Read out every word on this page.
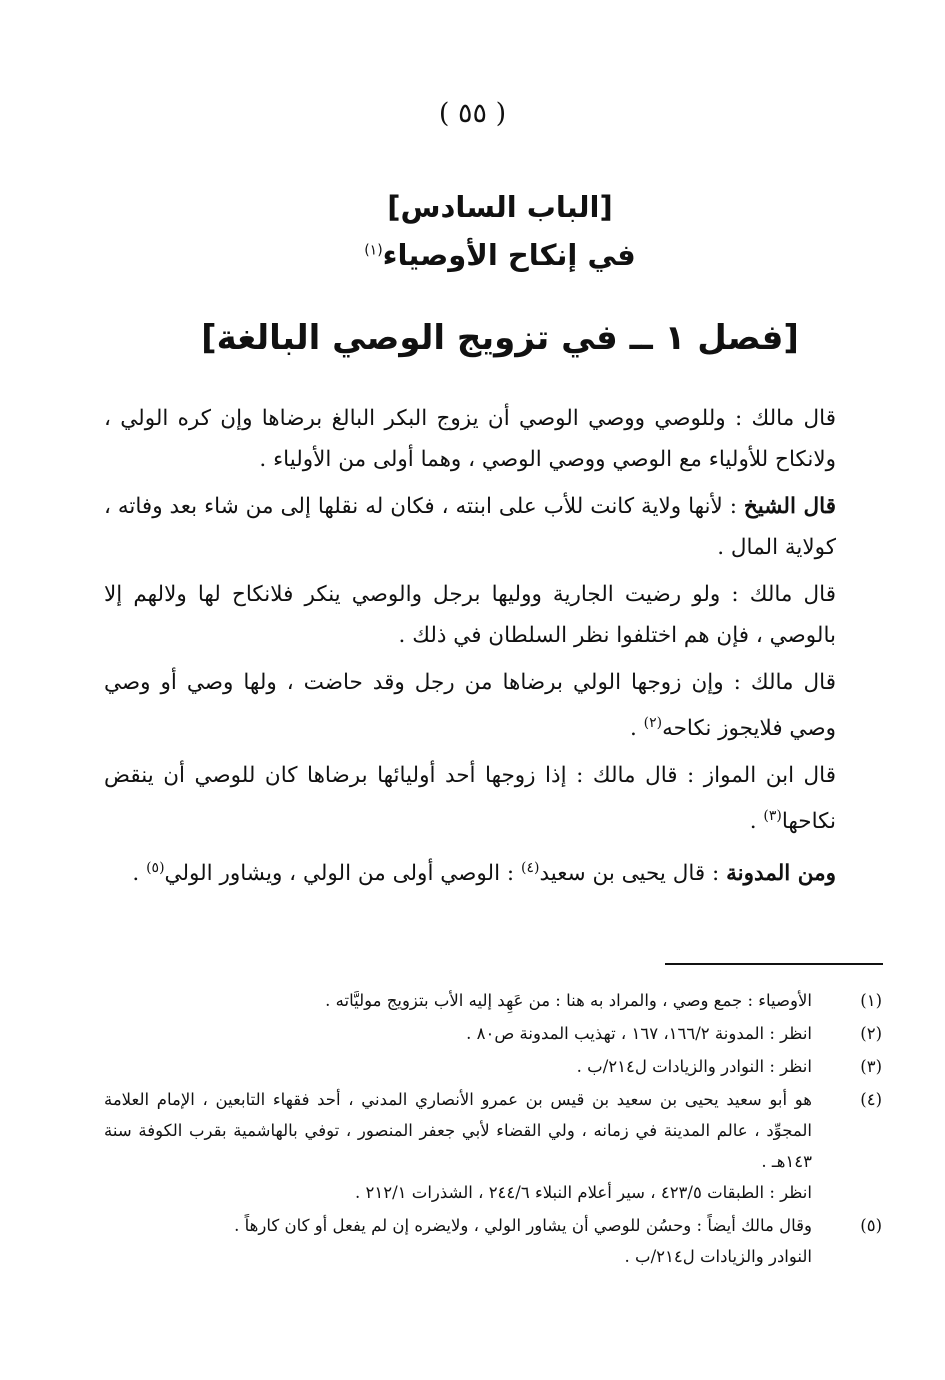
( ٥٥ )
[الباب السادس]
في إنكاح الأوصياء$^{(١)}$
[فصل ١ ــ في تزويج الوصي البالغة]

قال مالك : وللوصي ووصي الوصي أن يزوج البكر البالغ برضاها وإن كره الولي ، ولانكاح للأولياء مع الوصي ووصي الوصي ، وهما أولى من الأولياء .

قال الشيخ : لأنها ولاية كانت للأب على ابنته ، فكان له نقلها إلى من شاء بعد وفاته ، كولاية المال .

قال مالك : ولو رضيت الجارية ووليها برجل والوصي ينكر فلانكاح لها ولالهم إلا بالوصي ، فإن هم اختلفوا نظر السلطان في ذلك .

قال مالك : وإن زوجها الولي برضاها من رجل وقد حاضت ، ولها وصي أو وصي وصي فلايجوز نكاحه$^{(٢)}$ .

قال ابن المواز : قال مالك : إذا زوجها أحد أوليائها برضاها كان للوصي أن ينقض نكاحها$^{(٣)}$ .

ومن المدونة : قال يحيى بن سعيد$^{(٤)}$ : الوصي أولى من الولي ، ويشاور الولي$^{(٥)}$ .

(١)
الأوصياء : جمع وصي ، والمراد به هنا : من عَهِد إليه الأب بتزويج موليَّاته .
(٢)
انظر : المدونة ١٦٦/٢، ١٦٧ ، تهذيب المدونة ص٨٠ .
(٣)
انظر : النوادر والزيادات ل٢١٤/ب .
(٤)
هو أبو سعيد يحيى بن سعيد بن قيس بن عمرو الأنصاري المدني ، أحد فقهاء التابعين ، الإمام العلامة المجوِّد ، عالم المدينة في زمانه ، ولي القضاء لأبي جعفر المنصور ، توفي بالهاشمية بقرب الكوفة سنة ١٤٣هـ .
انظر : الطبقات ٤٢٣/٥ ، سير أعلام النبلاء ٢٤٤/٦ ، الشذرات ٢١٢/١ .
(٥)
وقال مالك أيضاً : وحسُن للوصي أن يشاور الولي ، ولايضره إن لم يفعل أو كان كارهاً .
النوادر والزيادات ل٢١٤/ب .
